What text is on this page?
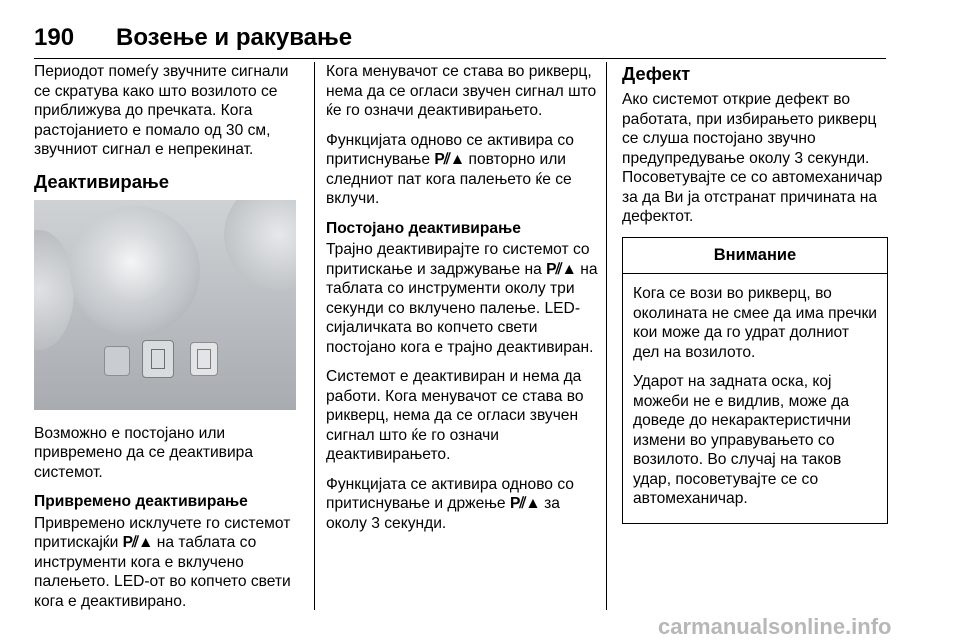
190 Возење и ракување

Периодот помеѓу звучните сигнали се скратува како што возилото се приближува до пречката. Кога растојанието е помало од 30 см, звучниот сигнал е непрекинат.

Деактивирање

Возможно е постојано или привремено да се деактивира системот.

Привремено деактивирање

Привремено исклучете го системот притискајќи P⫽▲ на таблата со инструменти кога е вклучено палењето. LED-от во копчето свети кога е деактивирано.

Кога менувачот се става во рикверц, нема да се огласи звучен сигнал што ќе го означи деактивирањето.

Функцијата одново се активира со притиснување P⫽▲ повторно или следниот пат кога палењето ќе се вклучи.

Постојано деактивирање

Трајно деактивирајте го системот со притискање и задржување на P⫽▲ на таблата со инструменти околу три секунди со вклучено палење. LED-сијаличката во копчето свети постојано кога е трајно деактивиран.

Системот е деактивиран и нема да работи. Кога менувачот се става во рикверц, нема да се огласи звучен сигнал што ќе го означи деактивирањето.

Функцијата се активира одново со притиснување и држење P⫽▲ за околу 3 секунди.

Дефект

Ако системот открие дефект во работата, при избирањето рикверц се слуша постојано звучно предупредување околу 3 секунди. Посоветувајте се со автомеханичар за да Ви ја отстранат причината на дефектот.

Внимание

Кога се вози во рикверц, во околината не смее да има пречки кои може да го удрат долниот дел на возилото.

Ударот на задната оска, кој можеби не е видлив, може да доведе до некарактеристични измени во управувањето со возилото. Во случај на таков удар, посоветувајте се со автомеханичар.

carmanualsonline.info
